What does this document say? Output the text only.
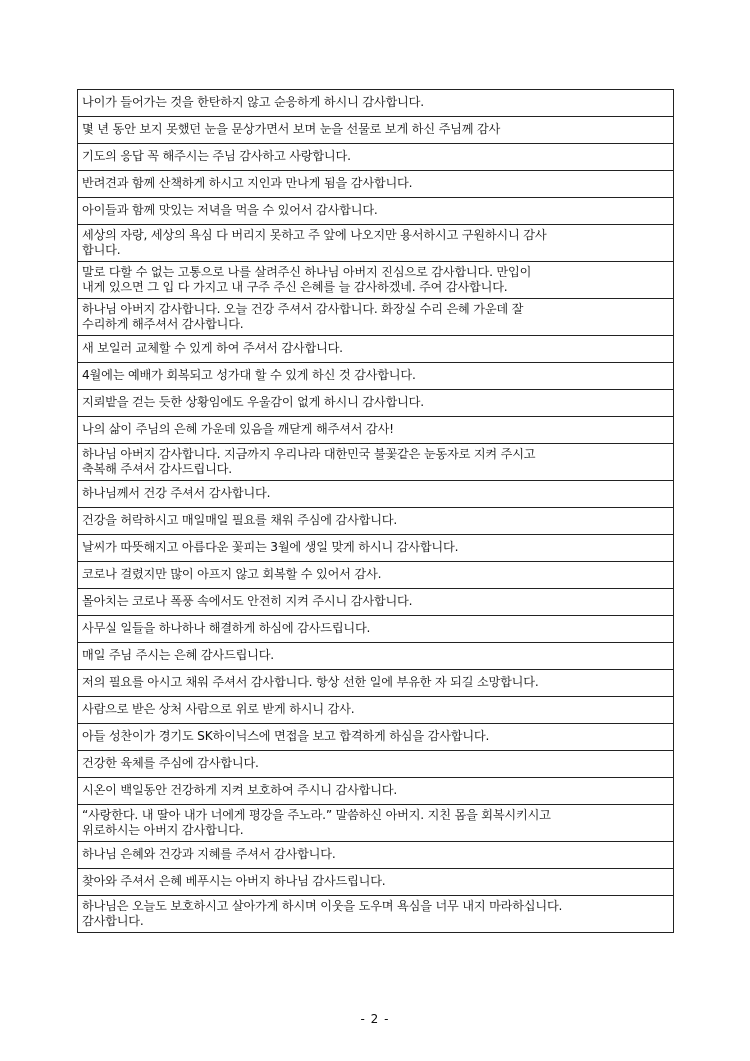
나이가 들어가는 것을 한탄하지 않고 순응하게 하시니 감사합니다.
몇 년 동안 보지 못했던 눈을 문상가면서 보며 눈을 선물로 보게 하신 주님께 감사
기도의 응답 꼭 해주시는 주님 감사하고 사랑합니다.
반려견과 함께 산책하게 하시고 지인과 만나게 됨을 감사합니다.
아이들과 함께 맛있는 저녁을 먹을 수 있어서 감사합니다.
세상의 자랑, 세상의 욕심 다 버리지 못하고 주 앞에 나오지만 용서하시고 구원하시니 감사
합니다.
말로 다할 수 없는 고통으로 나를 살려주신 하나님 아버지 진심으로 감사합니다. 만입이
내게 있으면 그 입 다 가지고 내 구주 주신 은혜를 늘 감사하겠네. 주여 감사합니다.
하나님 아버지 감사합니다. 오늘 건강 주셔서 감사합니다. 화장실 수리 은혜 가운데 잘
수리하게 해주셔서 감사합니다.
새 보일러 교체할 수 있게 하여 주셔서 감사합니다.
4월에는 예배가 회복되고 성가대 할 수 있게 하신 것 감사합니다.
지뢰밭을 걷는 듯한 상황임에도 우울감이 없게 하시니 감사합니다.
나의 삶이 주님의 은혜 가운데 있음을 깨닫게 해주셔서 감사!
하나님 아버지 감사합니다. 지금까지 우리나라 대한민국 불꽃같은 눈동자로 지켜 주시고
축복해 주셔서 감사드립니다.
하나님께서 건강 주셔서 감사합니다.
건강을 허락하시고 매일매일 필요를 채워 주심에 감사합니다.
날씨가 따뜻해지고 아름다운 꽃피는 3월에 생일 맞게 하시니 감사합니다.
코로나 걸렸지만 많이 아프지 않고 회복할 수 있어서 감사.
몰아치는 코로나 폭풍 속에서도 안전히 지켜 주시니 감사합니다.
사무실 일들을 하나하나 해결하게 하심에 감사드립니다.
매일 주님 주시는 은혜 감사드립니다.
저의 필요를 아시고 채워 주셔서 감사합니다. 항상 선한 일에 부유한 자 되길 소망합니다.
사람으로 받은 상처 사람으로 위로 받게 하시니 감사.
아들 성찬이가 경기도 SK하이닉스에 면접을 보고 합격하게 하심을 감사합니다.
건강한 육체를 주심에 감사합니다.
시온이 백일동안 건강하게 지켜 보호하여 주시니 감사합니다.
“사랑한다. 내 딸아 내가 너에게 평강을 주노라.” 말씀하신 아버지. 지친 몸을 회복시키시고
위로하시는 아버지 감사합니다.
하나님 은혜와 건강과 지혜를 주셔서 감사합니다.
찾아와 주셔서 은혜 베푸시는 아버지 하나님 감사드립니다.
하나님은 오늘도 보호하시고 살아가게 하시며 이웃을 도우며 욕심을 너무 내지 마라하십니다.
감사합니다.
- 2 -
